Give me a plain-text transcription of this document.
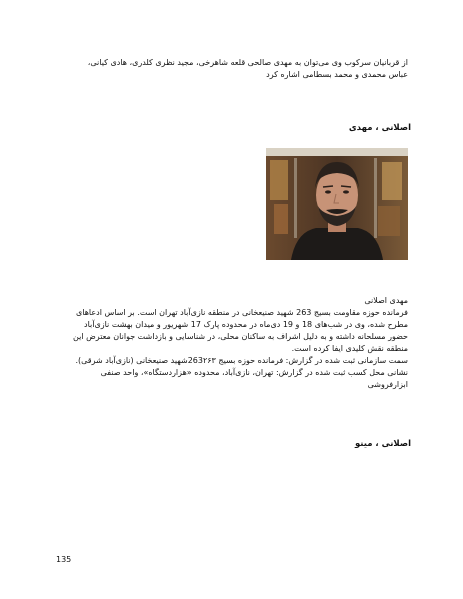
از قربانیان سرکوب وی می‌توان به مهدی صالحی قلعه شاهرخی، مجید نظری کلدری، هادی کیانی،
عباس محمدی و محمد بسطامی اشاره کرد
اصلانی ، مهدی
مهدی اصلانی
فرمانده حوزه مقاومت بسیج 263 شهید صنیعخانی در منطقه نازی‌آباد تهران است. بر اساس ادعاهای
مطرح شده، وی در شب‌های 18 و 19 دی‌ماه در محدوده پارک 17 شهریور و میدان بهشت نازی‌آباد
حضور مسلحانه داشته و به دلیل اشراف به ساکنان محلی، در شناسایی و بازداشت جوانان معترض این
منطقه نقش کلیدی ایفا کرده است.
سمت سازمانی ثبت شده در گزارش: فرمانده حوزه بسیج 263۲۶۳شهید صنیعخانی (نازی‌آباد شرقی).
نشانی محل کسب ثبت شده در گزارش: تهران، نازی‌آباد، محدوده «هزاردستگاه»، واحد صنفی
ابزارفروشی
اصلانی ، مینو
135
